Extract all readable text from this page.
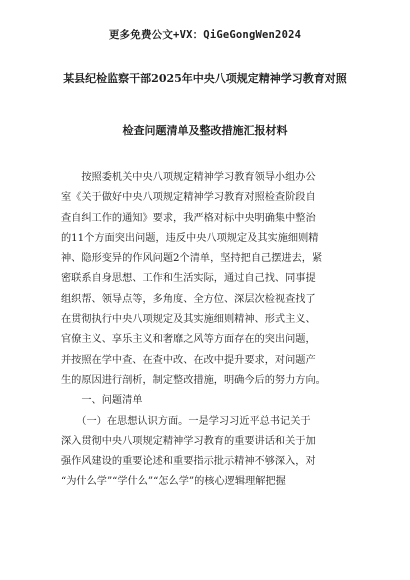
更多免费公文+VX：QiGeGongWen2024
某县纪检监察干部2025年中央八项规定精神学习教育对照
检查问题清单及整改措施汇报材料
　　按照委机关中央八项规定精神学习教育领导小组办公
室《关于做好中央八项规定精神学习教育对照检查阶段自
查自纠工作的通知》要求，我严格对标中央明确集中整治
的11个方面突出问题，违反中央八项规定及其实施细则精
神、隐形变异的作风问题2个清单，坚持把自己摆进去，紧
密联系自身思想、工作和生活实际，通过自己找、同事提
组织帮、领导点等，多角度、全方位、深层次检视查找了
在贯彻执行中央八项规定及其实施细则精神、形式主义、
官僚主义、享乐主义和奢靡之风等方面存在的突出问题，
并按照在学中查、在查中改、在改中提升要求，对问题产
生的原因进行剖析，制定整改措施，明确今后的努力方向。
　　一、问题清单
　　（一）在思想认识方面。一是学习习近平总书记关于
深入贯彻中央八项规定精神学习教育的重要讲话和关于加
强作风建设的重要论述和重要指示批示精神不够深入，对
“为什么学”“学什么”“怎么学”的核心逻辑理解把握
